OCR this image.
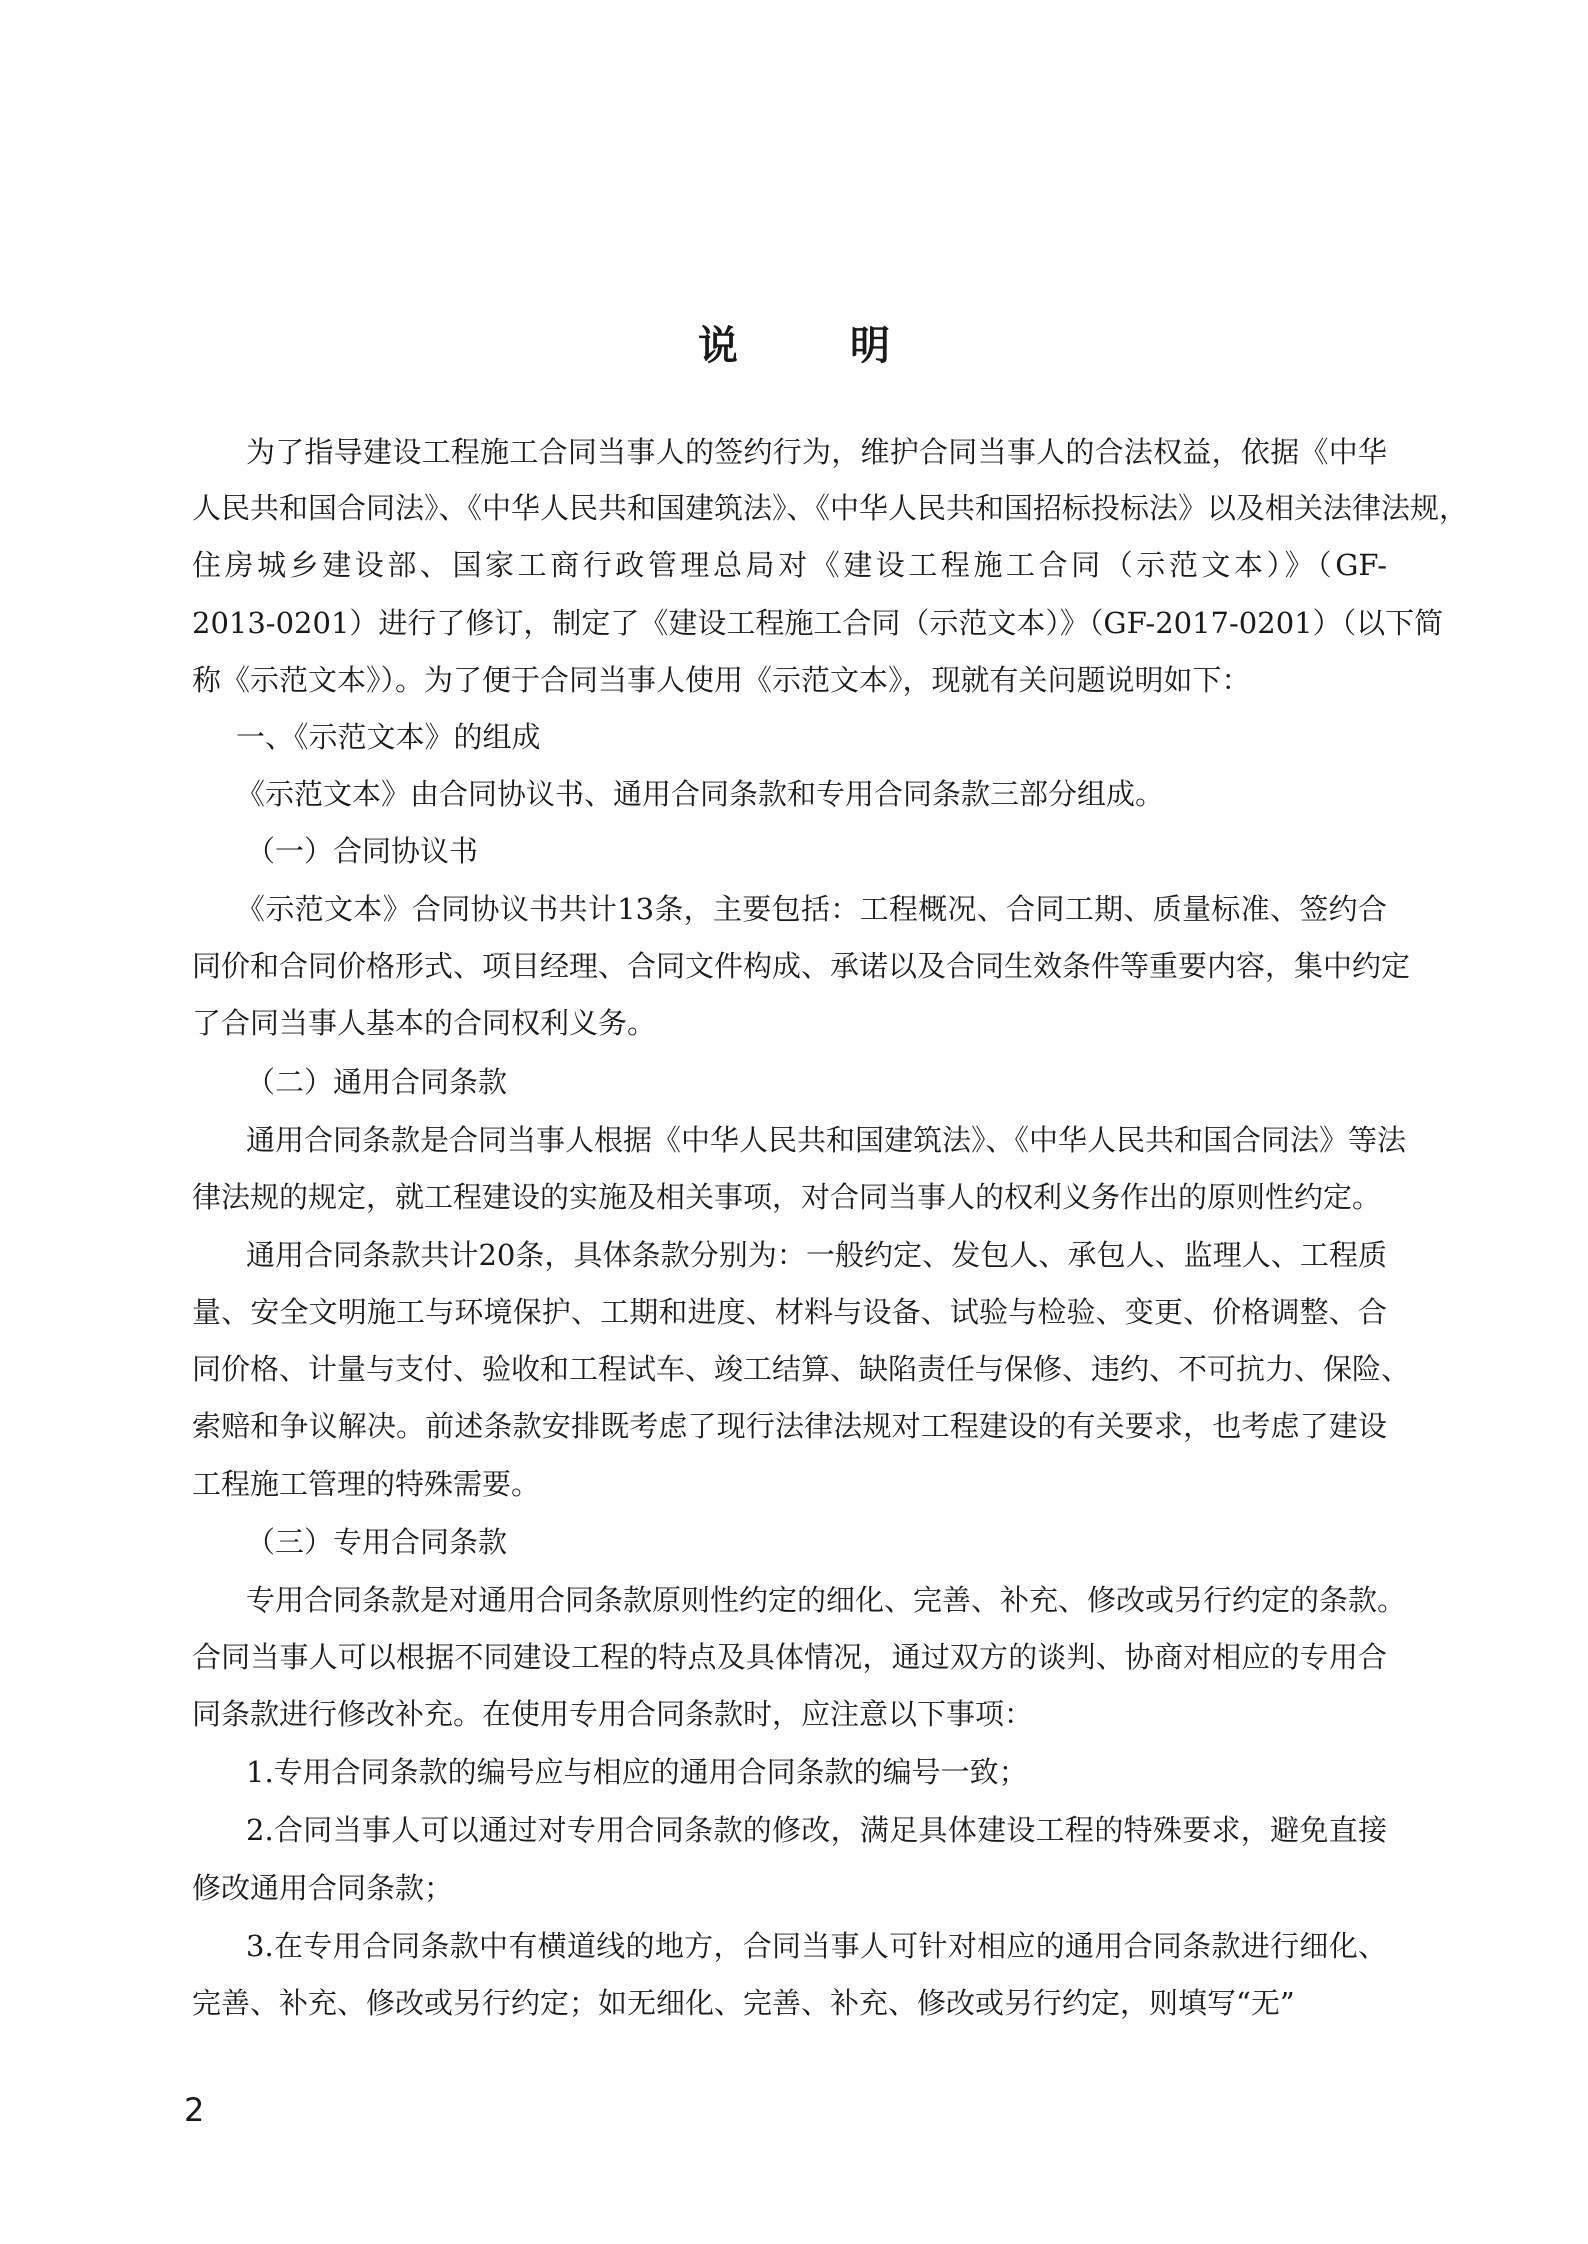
说　明
为了指导建设工程施工合同当事人的签约行为，维护合同当事人的合法权益，依据《中华
人民共和国合同法》、《中华人民共和国建筑法》、《中华人民共和国招标投标法》以及相关法律法规，
住房城乡建设部、国家工商行政管理总局对《建设工程施工合同（示范文本）》（GF-
2013-0201）进行了修订，制定了《建设工程施工合同（示范文本）》（GF-2017-0201）（以下简
称《示范文本》）。为了便于合同当事人使用《示范文本》，现就有关问题说明如下：
一、《示范文本》的组成
《示范文本》由合同协议书、通用合同条款和专用合同条款三部分组成。
（一）合同协议书
《示范文本》合同协议书共计13条，主要包括：工程概况、合同工期、质量标准、签约合
同价和合同价格形式、项目经理、合同文件构成、承诺以及合同生效条件等重要内容，集中约定
了合同当事人基本的合同权利义务。
（二）通用合同条款
通用合同条款是合同当事人根据《中华人民共和国建筑法》、《中华人民共和国合同法》等法
律法规的规定，就工程建设的实施及相关事项，对合同当事人的权利义务作出的原则性约定。
通用合同条款共计20条，具体条款分别为：一般约定、发包人、承包人、监理人、工程质
量、安全文明施工与环境保护、工期和进度、材料与设备、试验与检验、变更、价格调整、合
同价格、计量与支付、验收和工程试车、竣工结算、缺陷责任与保修、违约、不可抗力、保险、
索赔和争议解决。前述条款安排既考虑了现行法律法规对工程建设的有关要求，也考虑了建设
工程施工管理的特殊需要。
（三）专用合同条款
专用合同条款是对通用合同条款原则性约定的细化、完善、补充、修改或另行约定的条款。
合同当事人可以根据不同建设工程的特点及具体情况，通过双方的谈判、协商对相应的专用合
同条款进行修改补充。在使用专用合同条款时，应注意以下事项：
1.专用合同条款的编号应与相应的通用合同条款的编号一致；
2.合同当事人可以通过对专用合同条款的修改，满足具体建设工程的特殊要求，避免直接
修改通用合同条款；
3.在专用合同条款中有横道线的地方，合同当事人可针对相应的通用合同条款进行细化、
完善、补充、修改或另行约定；如无细化、完善、补充、修改或另行约定，则填写“无”
2
